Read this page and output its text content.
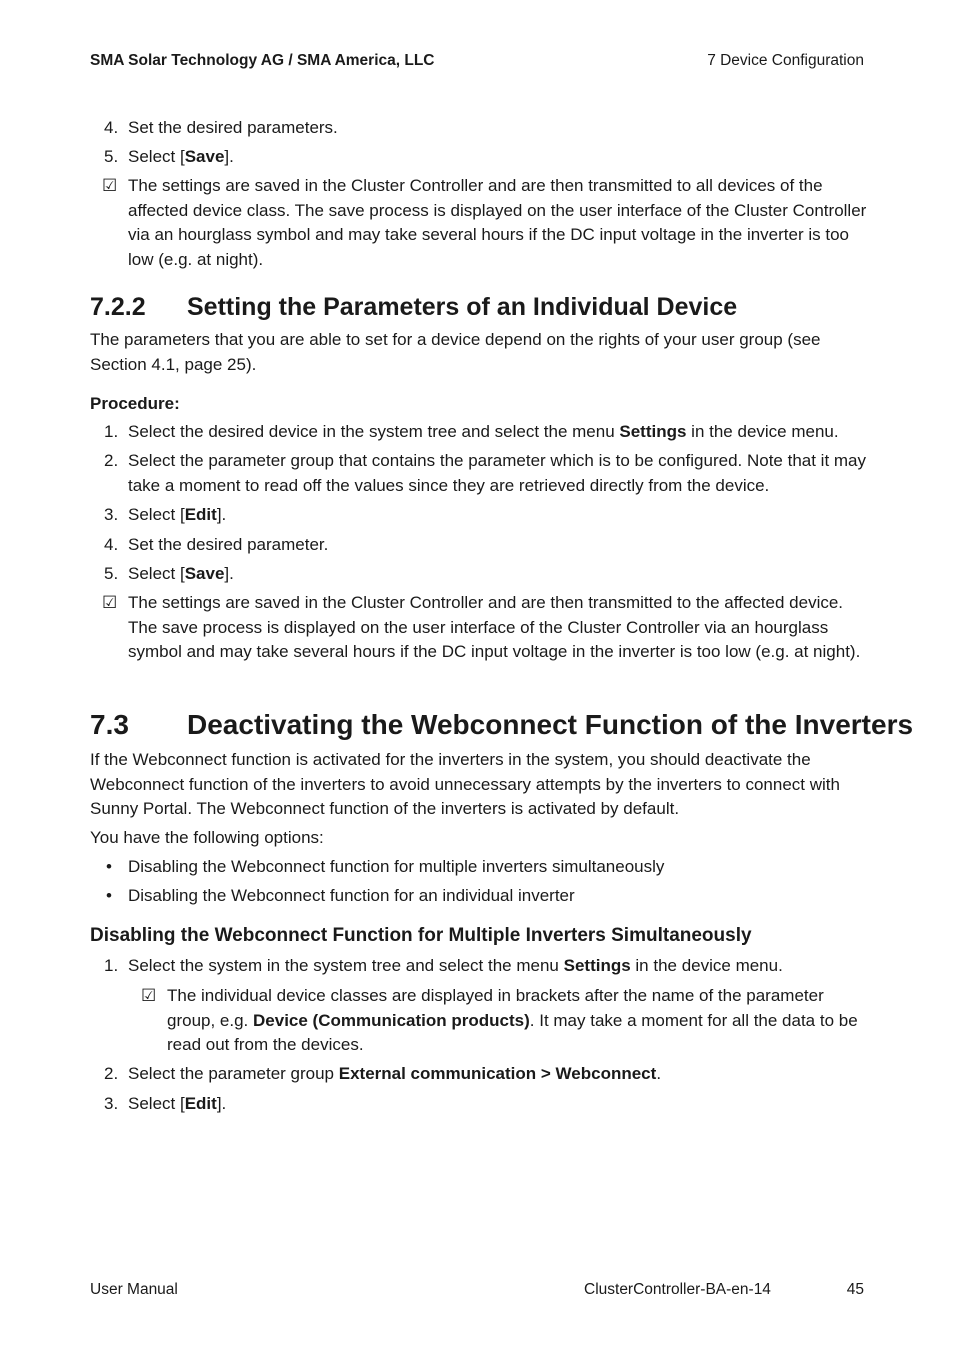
SMA Solar Technology AG / SMA America, LLC	7 Device Configuration
4. Set the desired parameters.
5. Select [Save].
☑ The settings are saved in the Cluster Controller and are then transmitted to all devices of the affected device class. The save process is displayed on the user interface of the Cluster Controller via an hourglass symbol and may take several hours if the DC input voltage in the inverter is too low (e.g. at night).
7.2.2 Setting the Parameters of an Individual Device
The parameters that you are able to set for a device depend on the rights of your user group (see Section 4.1, page 25).
Procedure:
1. Select the desired device in the system tree and select the menu Settings in the device menu.
2. Select the parameter group that contains the parameter which is to be configured. Note that it may take a moment to read off the values since they are retrieved directly from the device.
3. Select [Edit].
4. Set the desired parameter.
5. Select [Save].
☑ The settings are saved in the Cluster Controller and are then transmitted to the affected device. The save process is displayed on the user interface of the Cluster Controller via an hourglass symbol and may take several hours if the DC input voltage in the inverter is too low (e.g. at night).
7.3 Deactivating the Webconnect Function of the Inverters
If the Webconnect function is activated for the inverters in the system, you should deactivate the Webconnect function of the inverters to avoid unnecessary attempts by the inverters to connect with Sunny Portal. The Webconnect function of the inverters is activated by default.
You have the following options:
• Disabling the Webconnect function for multiple inverters simultaneously
• Disabling the Webconnect function for an individual inverter
Disabling the Webconnect Function for Multiple Inverters Simultaneously
1. Select the system in the system tree and select the menu Settings in the device menu.
☑ The individual device classes are displayed in brackets after the name of the parameter group, e.g. Device (Communication products). It may take a moment for all the data to be read out from the devices.
2. Select the parameter group External communication > Webconnect.
3. Select [Edit].
User Manual	ClusterController-BA-en-14	45
